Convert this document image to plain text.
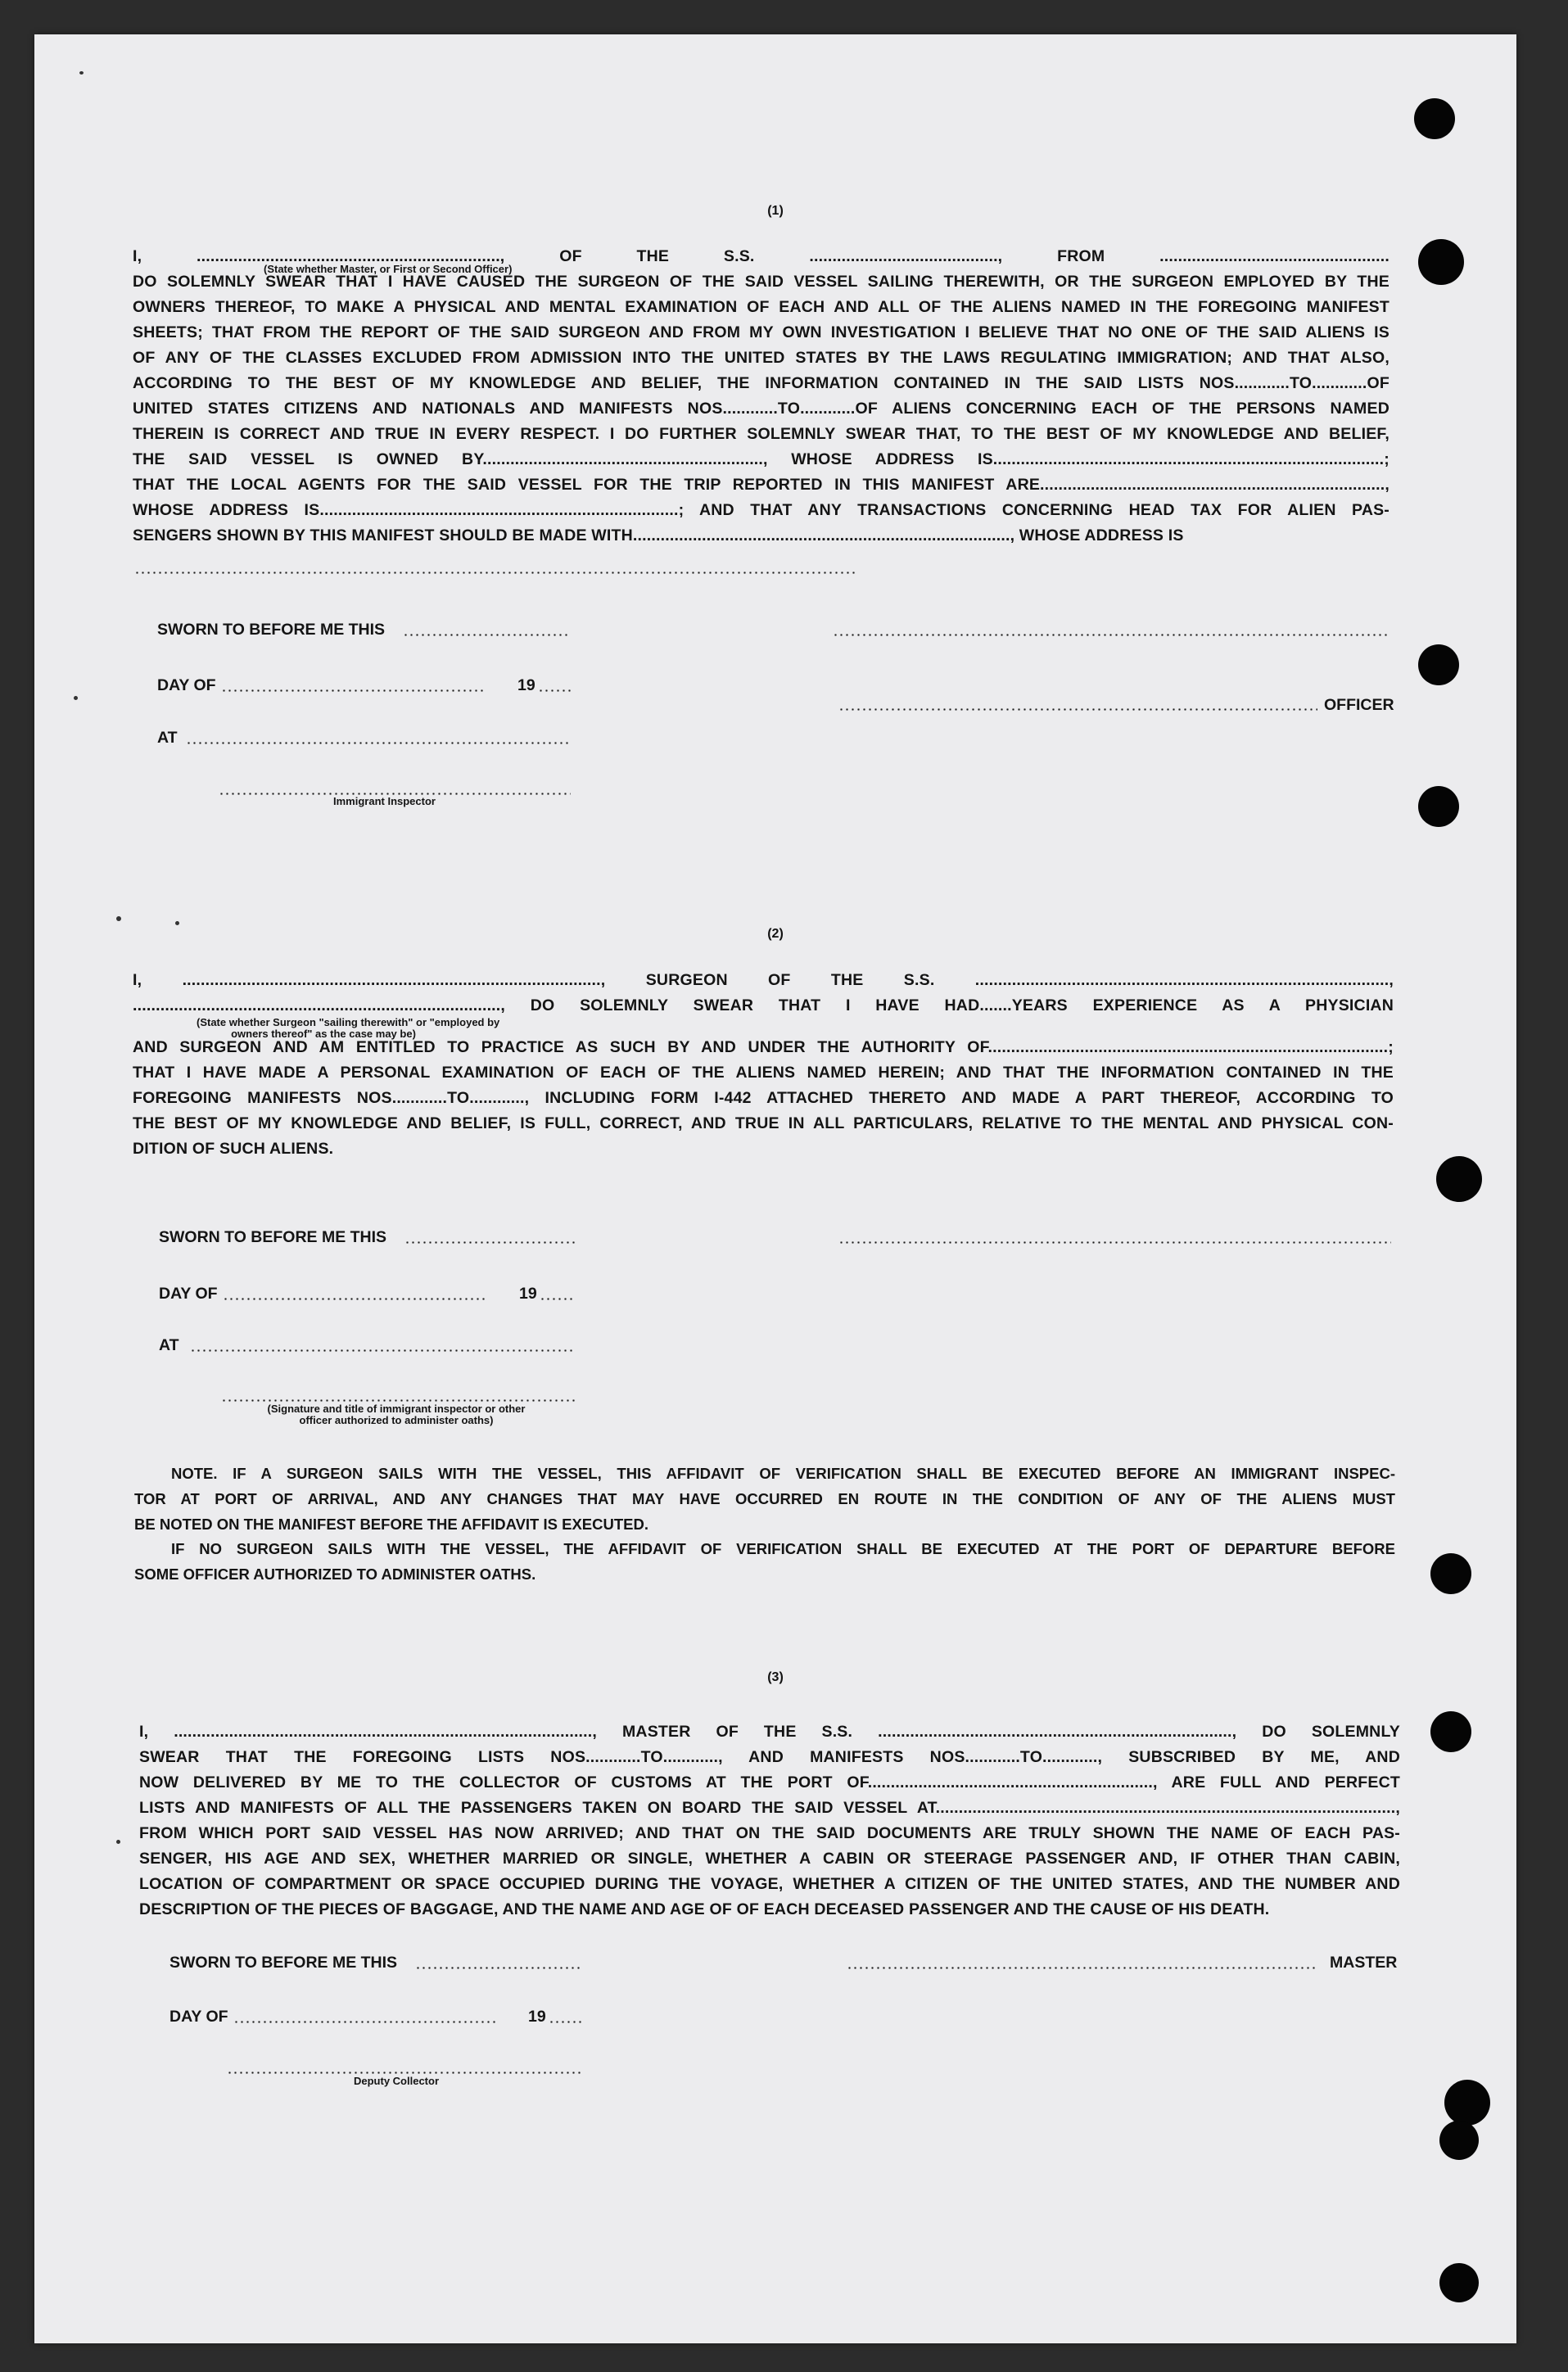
(1)
I, .................................................................., OF THE S.S. ........................................., FROM ..................................................
DO SOLEMNLY SWEAR THAT I HAVE CAUSED THE SURGEON OF THE SAID VESSEL SAILING THEREWITH, OR THE SURGEON EMPLOYED BY THE
OWNERS THEREOF, TO MAKE A PHYSICAL AND MENTAL EXAMINATION OF EACH AND ALL OF THE ALIENS NAMED IN THE FOREGOING MANIFEST
SHEETS; THAT FROM THE REPORT OF THE SAID SURGEON AND FROM MY OWN INVESTIGATION I BELIEVE THAT NO ONE OF THE SAID ALIENS IS
OF ANY OF THE CLASSES EXCLUDED FROM ADMISSION INTO THE UNITED STATES BY THE LAWS REGULATING IMMIGRATION; AND THAT ALSO,
ACCORDING TO THE BEST OF MY KNOWLEDGE AND BELIEF, THE INFORMATION CONTAINED IN THE SAID LISTS NOS............TO............OF
UNITED STATES CITIZENS AND NATIONALS AND MANIFESTS NOS............TO............OF ALIENS CONCERNING EACH OF THE PERSONS NAMED
THEREIN IS CORRECT AND TRUE IN EVERY RESPECT. I DO FURTHER SOLEMNLY SWEAR THAT, TO THE BEST OF MY KNOWLEDGE AND BELIEF,
THE SAID VESSEL IS OWNED BY............................................................., WHOSE ADDRESS IS.....................................................................................;
THAT THE LOCAL AGENTS FOR THE SAID VESSEL FOR THE TRIP REPORTED IN THIS MANIFEST ARE...........................................................................,
WHOSE ADDRESS IS..............................................................................; AND THAT ANY TRANSACTIONS CONCERNING HEAD TAX FOR ALIEN PAS-
SENGERS SHOWN BY THIS MANIFEST SHOULD BE MADE WITH.................................................................................., WHOSE ADDRESS IS
(State whether Master, or First or Second Officer)
SWORN TO BEFORE ME THIS
DAY OF	19
OFFICER
AT
Immigrant Inspector
(2)
I, ..........................................................................................., SURGEON OF THE S.S. ..........................................................................................,
................................................................................, DO SOLEMNLY SWEAR THAT I HAVE HAD.......YEARS EXPERIENCE AS A PHYSICIAN
(State whether Surgeon "sailing therewith" or "employed by
owners thereof" as the case may be)
AND SURGEON AND AM ENTITLED TO PRACTICE AS SUCH BY AND UNDER THE AUTHORITY OF.......................................................................................;
THAT I HAVE MADE A PERSONAL EXAMINATION OF EACH OF THE ALIENS NAMED HEREIN; AND THAT THE INFORMATION CONTAINED IN THE
FOREGOING MANIFESTS NOS............TO............, INCLUDING FORM I-442 ATTACHED THERETO AND MADE A PART THEREOF, ACCORDING TO
THE BEST OF MY KNOWLEDGE AND BELIEF, IS FULL, CORRECT, AND TRUE IN ALL PARTICULARS, RELATIVE TO THE MENTAL AND PHYSICAL CON-
DITION OF SUCH ALIENS.
SWORN TO BEFORE ME THIS
DAY OF	19
AT
(Signature and title of immigrant inspector or other
officer authorized to administer oaths)
NOTE. IF A SURGEON SAILS WITH THE VESSEL, THIS AFFIDAVIT OF VERIFICATION SHALL BE EXECUTED BEFORE AN IMMIGRANT INSPEC-
TOR AT PORT OF ARRIVAL, AND ANY CHANGES THAT MAY HAVE OCCURRED EN ROUTE IN THE CONDITION OF ANY OF THE ALIENS MUST
BE NOTED ON THE MANIFEST BEFORE THE AFFIDAVIT IS EXECUTED.
IF NO SURGEON SAILS WITH THE VESSEL, THE AFFIDAVIT OF VERIFICATION SHALL BE EXECUTED AT THE PORT OF DEPARTURE BEFORE
SOME OFFICER AUTHORIZED TO ADMINISTER OATHS.
(3)
I, ..........................................................................................., MASTER OF THE S.S. ............................................................................., DO SOLEMNLY
SWEAR THAT THE FOREGOING LISTS NOS............TO............, AND MANIFESTS NOS............TO............, SUBSCRIBED BY ME, AND
NOW DELIVERED BY ME TO THE COLLECTOR OF CUSTOMS AT THE PORT OF.............................................................., ARE FULL AND PERFECT
LISTS AND MANIFESTS OF ALL THE PASSENGERS TAKEN ON BOARD THE SAID VESSEL AT....................................................................................................,
FROM WHICH PORT SAID VESSEL HAS NOW ARRIVED; AND THAT ON THE SAID DOCUMENTS ARE TRULY SHOWN THE NAME OF EACH PAS-
SENGER, HIS AGE AND SEX, WHETHER MARRIED OR SINGLE, WHETHER A CABIN OR STEERAGE PASSENGER AND, IF OTHER THAN CABIN,
LOCATION OF COMPARTMENT OR SPACE OCCUPIED DURING THE VOYAGE, WHETHER A CITIZEN OF THE UNITED STATES, AND THE NUMBER AND
DESCRIPTION OF THE PIECES OF BAGGAGE, AND THE NAME AND AGE OF OF EACH DECEASED PASSENGER AND THE CAUSE OF HIS DEATH.
SWORN TO BEFORE ME THIS	MASTER
DAY OF	19
Deputy Collector
